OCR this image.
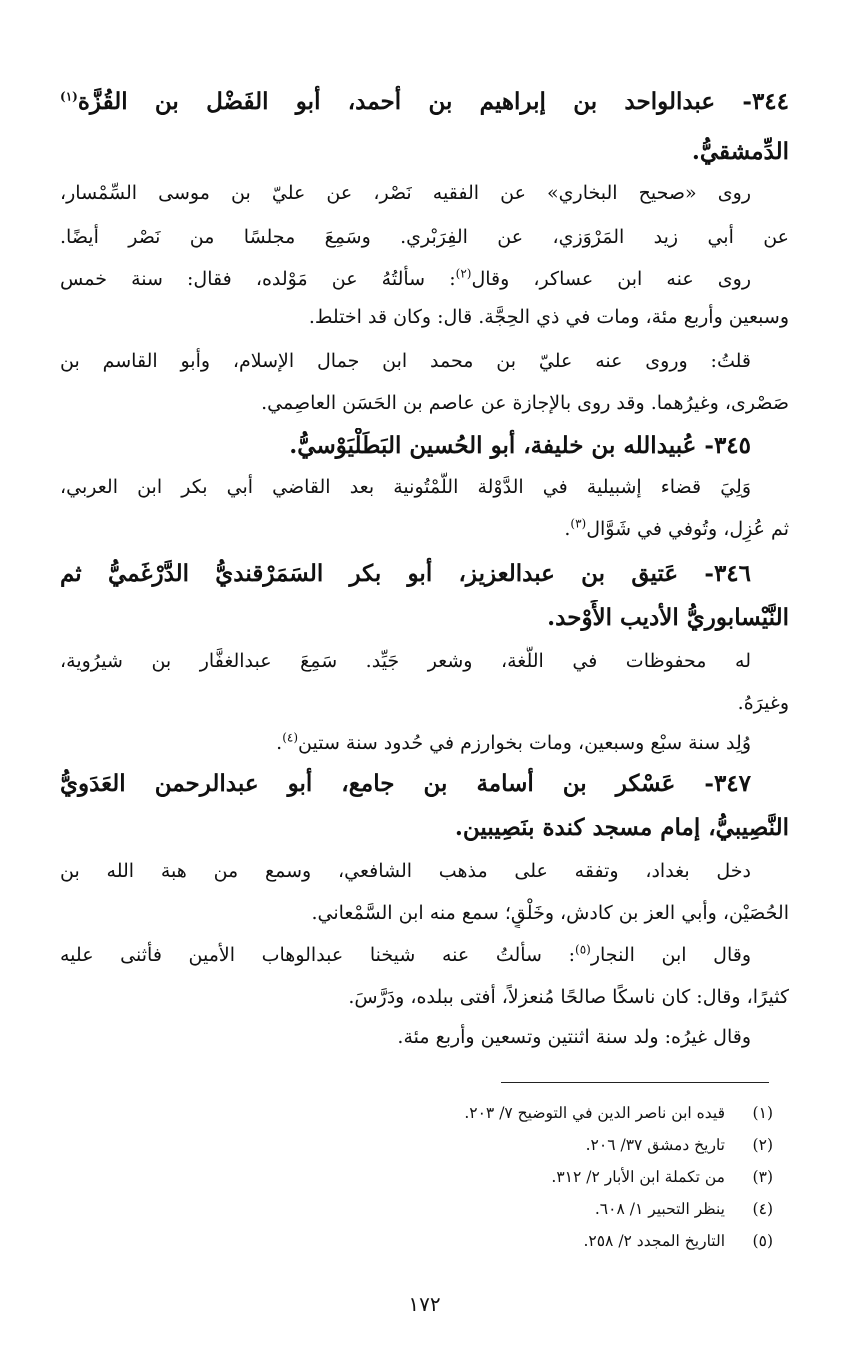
٣٤٤- عبدالواحد بن إبراهيم بن أحمد، أبو الفَضْل بن القُزَّة$^{(١)}$
الدِّمشقيُّ.
روى «صحيح البخاري» عن الفقيه نَصْر، عن عليّ بن موسى السِّمْسار،
عن أبي زيد المَرْوَزي، عن الفِرَبْري. وسَمِعَ مجلسًا من نَصْر أيضًا.
روى عنه ابن عساكر، وقال$^{(٢)}$: سألتُهُ عن مَوْلده، فقال: سنة خمس
وسبعين وأربع مئة، ومات في ذي الحِجَّة. قال: وكان قد اختلط.
قلتُ: وروى عنه عليّ بن محمد ابن جمال الإسلام، وأبو القاسم بن
صَصْرى، وغيرُهما. وقد روى بالإجازة عن عاصم بن الحَسَن العاصِمي.
٣٤٥- عُبيدالله بن خليفة، أبو الحُسين البَطَلْيَوْسيُّ.
وَلِيَ قضاء إشبيلية في الدَّوْلة اللَّمْتُونية بعد القاضي أبي بكر ابن العربي،
ثم عُزِل، وتُوفي في شَوَّال$^{(٣)}$.
٣٤٦- عَتيق بن عبدالعزيز، أبو بكر السَمَرْقنديُّ الدَّرْغَميُّ ثم
النَّيْسابوريُّ الأديب الأَوْحد.
له محفوظات في اللُّغة، وشعر جَيِّد. سَمِعَ عبدالغفَّار بن شيرُوية،
وغيرَهُ.
وُلِد سنة سبْع وسبعين، ومات بخوارزم في حُدود سنة ستين$^{(٤)}$.
٣٤٧- عَسْكر بن أسامة بن جامع، أبو عبدالرحمن العَدَويُّ
النَّصِيبيُّ، إمام مسجد كندة بنَصِيبين.
دخل بغداد، وتفقه على مذهب الشافعي، وسمع من هبة الله بن
الحُصَيْن، وأبي العز بن كادش، وخَلْقٍ؛ سمع منه ابن السَّمْعاني.
وقال ابن النجار$^{(٥)}$: سألتُ عنه شيخنا عبدالوهاب الأمين فأثنى عليه
كثيرًا، وقال: كان ناسكًا صالحًا مُنعزلاً، أفتى ببلده، ودَرَّسَ.
وقال غيرُه: ولد سنة اثنتين وتسعين وأربع مئة.
(١)قيده ابن ناصر الدين في التوضيح ٧/ ٢٠٣.
(٢)تاريخ دمشق ٣٧/ ٢٠٦.
(٣)من تكملة ابن الأبار ٢/ ٣١٢.
(٤)ينظر التحبير ١/ ٦٠٨.
(٥)التاريخ المجدد ٢/ ٢٥٨.
١٧٢
